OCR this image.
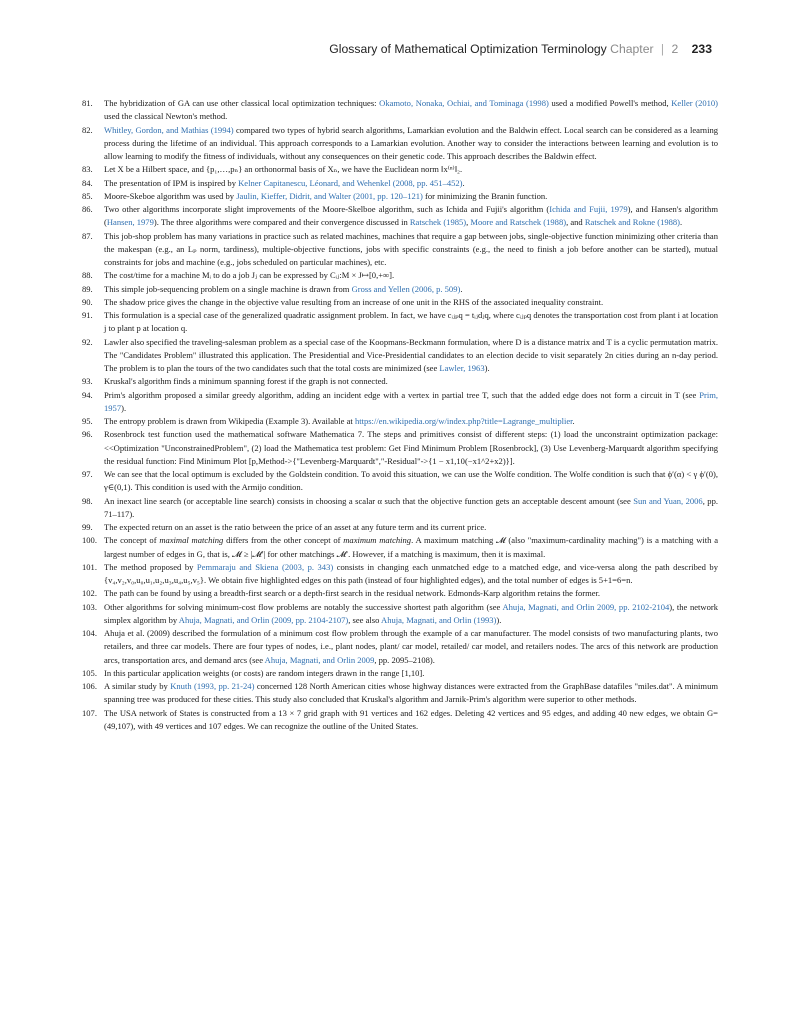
Glossary of Mathematical Optimization Terminology Chapter | 2 233
81. The hybridization of GA can use other classical local optimization techniques: Okamoto, Nonaka, Ochiai, and Tominaga (1998) used a modified Powell's method, Keller (2010) used the classical Newton's method.
82. Whitley, Gordon, and Mathias (1994) compared two types of hybrid search algorithms, Lamarkian evolution and the Baldwin effect. Local search can be considered as a learning process during the lifetime of an individual. This approach corresponds to a Lamarkian evolution. Another way to consider the interactions between learning and evolution is to allow learning to modify the fitness of individuals, without any consequences on their genetic code. This approach describes the Baldwin effect.
83. Let X be a Hilbert space, and {p₁,…,pₙ} an orthonormal basis of Xₙ, we have the Euclidean norm ‖x⁽ⁿ⁾‖₂.
84. The presentation of IPM is inspired by Kelner Capitanescu, Léonard, and Wehenkel (2008, pp. 451–452).
85. Moore-Skeboe algorithm was used by Jaulin, Kieffer, Didrit, and Walter (2001, pp. 120–121) for minimizing the Branin function.
86. Two other algorithms incorporate slight improvements of the Moore-Skelboe algorithm, such as Ichida and Fujii's algorithm (Ichida and Fujii, 1979), and Hansen's algorithm (Hansen, 1979). The three algorithms were compared and their convergence discussed in Ratschek (1985), Moore and Ratschek (1988), and Ratschek and Rokne (1988).
87. This job-shop problem has many variations in practice such as related machines, machines that require a gap between jobs, single-objective function minimizing other criteria than the makespan (e.g., an Lₚ norm, tardiness), multiple-objective functions, jobs with specific constraints (e.g., the need to finish a job before another can be started), mutual constraints for jobs and machine (e.g., jobs scheduled on particular machines), etc.
88. The cost/time for a machine Mᵢ to do a job Jⱼ can be expressed by Cᵢⱼ:M × J↦[0,+∞].
89. This simple job-sequencing problem on a single machine is drawn from Gross and Yellen (2006, p. 509).
90. The shadow price gives the change in the objective value resulting from an increase of one unit in the RHS of the associated inequality constraint.
91. This formulation is a special case of the generalized quadratic assignment problem. In fact, we have cᵢⱼₚq = tᵢⱼdⱼq, where cᵢⱼₚq denotes the transportation cost from plant i at location j to plant p at location q.
92. Lawler also specified the traveling-salesman problem as a special case of the Koopmans-Beckmann formulation, where D is a distance matrix and T is a cyclic permutation matrix. The "Candidates Problem" illustrated this application. The Presidential and Vice-Presidential candidates to an election decide to visit separately 2n cities during an n-day period. The problem is to plan the tours of the two candidates such that the total costs are minimized (see Lawler, 1963).
93. Kruskal's algorithm finds a minimum spanning forest if the graph is not connected.
94. Prim's algorithm proposed a similar greedy algorithm, adding an incident edge with a vertex in partial tree T, such that the added edge does not form a circuit in T (see Prim, 1957).
95. The entropy problem is drawn from Wikipedia (Example 3). Available at https://en.wikipedia.org/w/index.php?title=Lagrange_multiplier.
96. Rosenbrock test function used the mathematical software Mathematica 7. The steps and primitives consist of different steps: (1) load the unconstraint optimization package: <<Optimization "UnconstrainedProblem", (2) load the Mathematica test problem: Get Find Minimum Problem [Rosenbrock], (3) Use Levenberg-Marquardt algorithm specifying the residual function: Find Minimum Plot [p,Method->{"Levenberg-Marquardt","-Residual"->{1 − x1,10(−x1^2+x2)}].
97. We can see that the local optimum is excluded by the Goldstein condition. To avoid this situation, we can use the Wolfe condition. The Wolfe condition is such that ϕ′(α) < γ ϕ′(0), γ∈(0,1). This condition is used with the Armijo condition.
98. An inexact line search (or acceptable line search) consists in choosing a scalar α such that the objective function gets an acceptable descent amount (see Sun and Yuan, 2006, pp. 71–117).
99. The expected return on an asset is the ratio between the price of an asset at any future term and its current price.
100. The concept of maximal matching differs from the other concept of maximum matching. A maximum matching 𝓜 (also "maximum-cardinality maching") is a matching with a largest number of edges in G, that is, 𝓜 ≥ |𝓜′| for other matchings 𝓜′. However, if a matching is maximum, then it is maximal.
101. The method proposed by Pemmaraju and Skiena (2003, p. 343) consists in changing each unmatched edge to a matched edge, and vice-versa along the path described by {v₄,v₂,v₀,u₀,u₁,u₂,u₃,u₄,u₅,v₅}. We obtain five highlighted edges on this path (instead of four highlighted edges), and the total number of edges is 5+1=6=n.
102. The path can be found by using a breadth-first search or a depth-first search in the residual network. Edmonds-Karp algorithm retains the former.
103. Other algorithms for solving minimum-cost flow problems are notably the successive shortest path algorithm (see Ahuja, Magnati, and Orlin 2009, pp. 2102-2104), the network simplex algorithm by Ahuja, Magnati, and Orlin (2009, pp. 2104-2107), see also Ahuja, Magnati, and Orlin (1993)).
104. Ahuja et al. (2009) described the formulation of a minimum cost flow problem through the example of a car manufacturer. The model consists of two manufacturing plants, two retailers, and three car models. There are four types of nodes, i.e., plant nodes, plant/ car model, retailed/ car model, and retailers nodes. The arcs of this network are production arcs, transportation arcs, and demand arcs (see Ahuja, Magnati, and Orlin 2009, pp. 2095–2108).
105. In this particular application weights (or costs) are random integers drawn in the range [1,10].
106. A similar study by Knuth (1993, pp. 21-24) concerned 128 North American cities whose highway distances were extracted from the GraphBase datafiles "miles.dat". A minimum spanning tree was produced for these cities. This study also concluded that Kruskal's algorithm and Jarnik-Prim's algorithm were superior to other methods.
107. The USA network of States is constructed from a 13 × 7 grid graph with 91 vertices and 162 edges. Deleting 42 vertices and 95 edges, and adding 40 new edges, we obtain G=(49,107), with 49 vertices and 107 edges. We can recognize the outline of the United States.
